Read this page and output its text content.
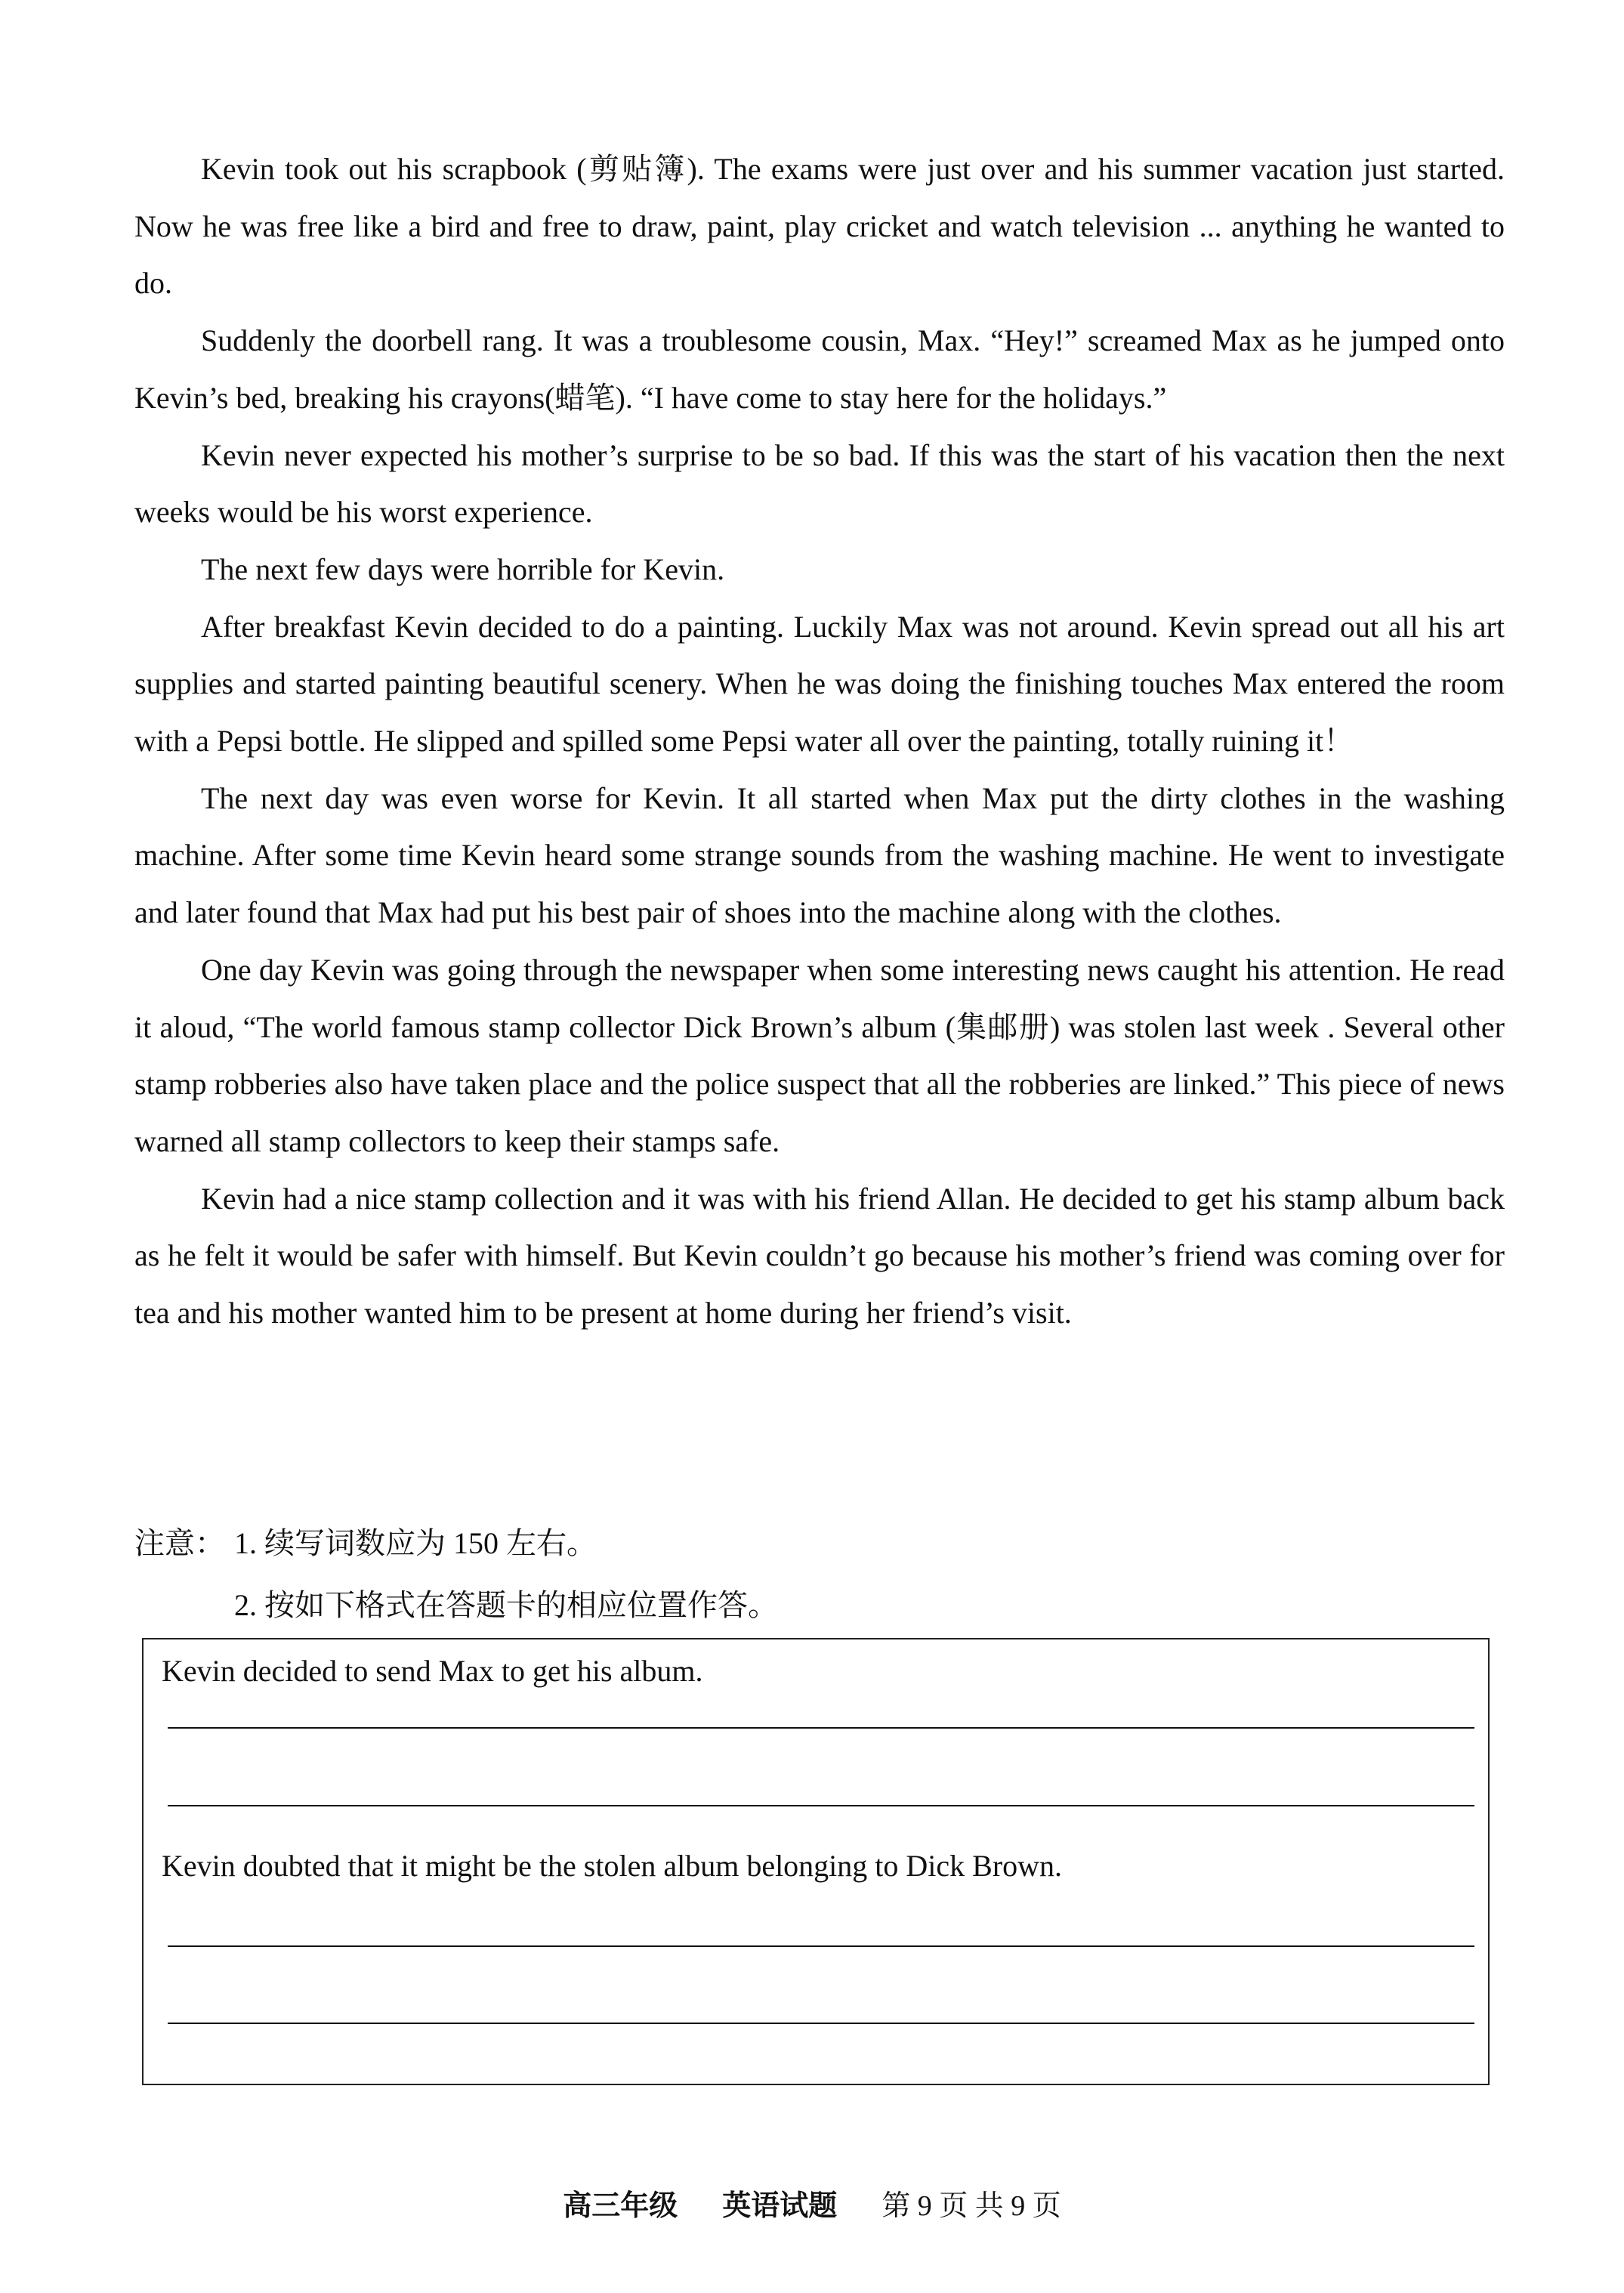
Kevin took out his scrapbook (剪贴簿). The exams were just over and his summer vacation just started. Now he was free like a bird and free to draw, paint, play cricket and watch television ... anything he wanted to do.

Suddenly the doorbell rang. It was a troublesome cousin, Max. “Hey!” screamed Max as he jumped onto Kevin’s bed, breaking his crayons(蜡笔). “I have come to stay here for the holidays.”

Kevin never expected his mother’s surprise to be so bad. If this was the start of his vacation then the next weeks would be his worst experience.

The next few days were horrible for Kevin.

After breakfast Kevin decided to do a painting. Luckily Max was not around. Kevin spread out all his art supplies and started painting beautiful scenery. When he was doing the finishing touches Max entered the room with a Pepsi bottle. He slipped and spilled some Pepsi water all over the painting, totally ruining it！

The next day was even worse for Kevin. It all started when Max put the dirty clothes in the washing machine. After some time Kevin heard some strange sounds from the washing machine. He went to investigate and later found that Max had put his best pair of shoes into the machine along with the clothes.

One day Kevin was going through the newspaper when some interesting news caught his attention. He read it aloud, “The world famous stamp collector Dick Brown’s album (集邮册) was stolen last week . Several other stamp robberies also have taken place and the police suspect that all the robberies are linked.” This piece of news warned all stamp collectors to keep their stamps safe.

Kevin had a nice stamp collection and it was with his friend Allan. He decided to get his stamp album back as he felt it would be safer with himself. But Kevin couldn’t go because his mother’s friend was coming over for tea and his mother wanted him to be present at home during her friend’s visit.

注意： 1. 续写词数应为 150 左右。
2. 按如下格式在答题卡的相应位置作答。
Kevin decided to send Max to get his album.
Kevin doubted that it might be the stolen album belonging to Dick Brown.
高三年级 英语试题 第 9 页 共 9 页
